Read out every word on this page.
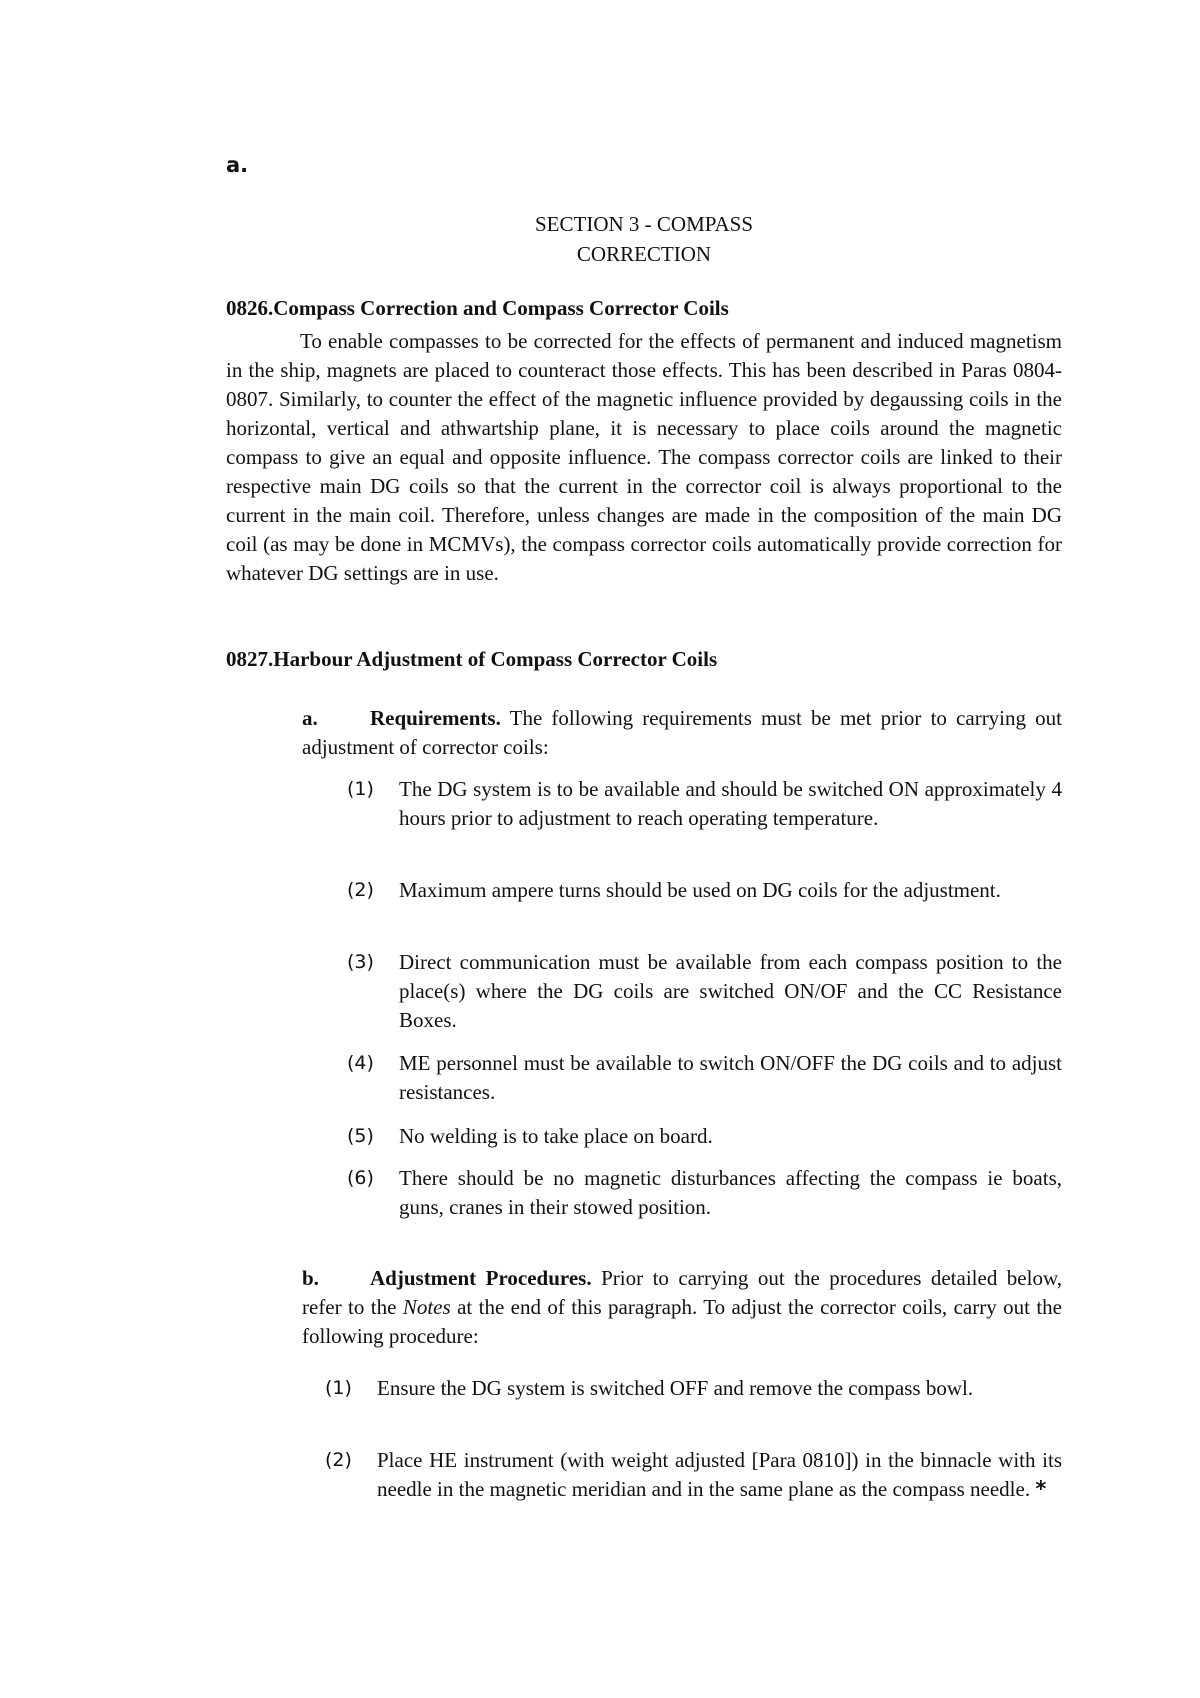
a.
SECTION 3 - COMPASS
CORRECTION
0826.Compass Correction and Compass Corrector Coils
To enable compasses to be corrected for the effects of permanent and induced magnetism in the ship, magnets are placed to counteract those effects. This has been described in Paras 0804-0807. Similarly, to counter the effect of the magnetic influence provided by degaussing coils in the horizontal, vertical and athwartship plane, it is necessary to place coils around the magnetic compass to give an equal and opposite influence. The compass corrector coils are linked to their respective main DG coils so that the current in the corrector coil is always proportional to the current in the main coil. Therefore, unless changes are made in the composition of the main DG coil (as may be done in MCMVs), the compass corrector coils automatically provide correction for whatever DG settings are in use.
0827.Harbour Adjustment of Compass Corrector Coils
a. Requirements. The following requirements must be met prior to carrying out adjustment of corrector coils:
(1)	The DG system is to be available and should be switched ON approximately 4 hours prior to adjustment to reach operating temperature.
(2)	Maximum ampere turns should be used on DG coils for the adjustment.
(3)	Direct communication must be available from each compass position to the place(s) where the DG coils are switched ON/OF and the CC Resistance Boxes.
(4)	ME personnel must be available to switch ON/OFF the DG coils and to adjust resistances.
(5)	No welding is to take place on board.
(6)	There should be no magnetic disturbances affecting the compass ie boats, guns, cranes in their stowed position.
b. Adjustment Procedures. Prior to carrying out the procedures detailed below, refer to the Notes at the end of this paragraph. To adjust the corrector coils, carry out the following procedure:
(1)	Ensure the DG system is switched OFF and remove the compass bowl.
(2)	Place HE instrument (with weight adjusted [Para 0810]) in the binnacle with its needle in the magnetic meridian and in the same plane as the compass needle. *
